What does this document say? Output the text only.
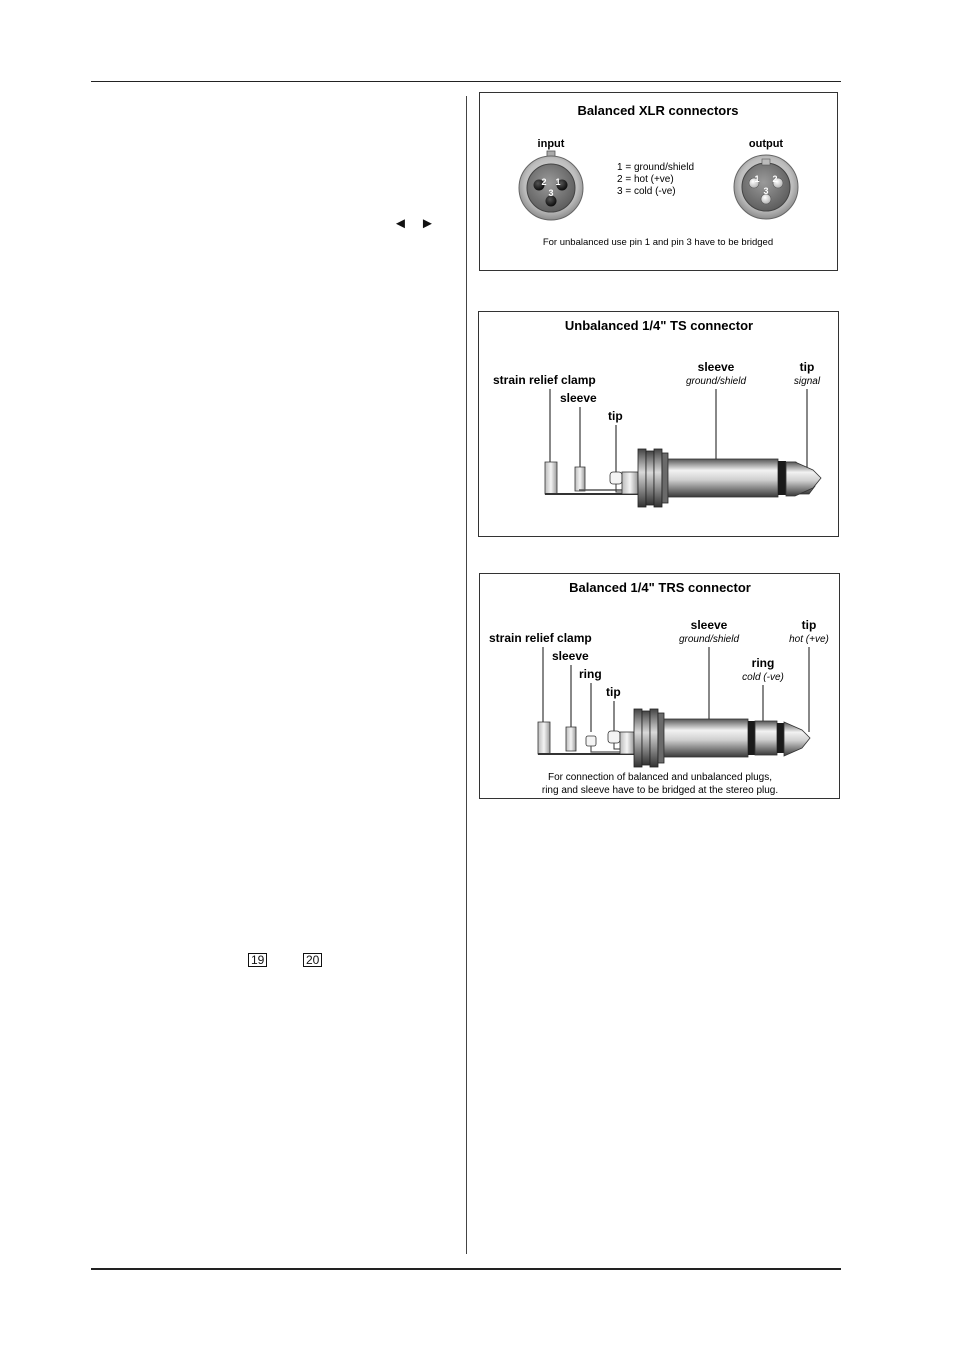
◄ ►
19	20
Balanced XLR connectors
input	output
2 1
3
1 = ground/shield
2 = hot (+ve)
3 = cold (-ve)
1 2
3
For unbalanced use pin 1 and pin 3 have to be bridged
Unbalanced 1/4" TS connector
strain relief clamp
sleeve
tip
sleeve
ground/shield
tip
signal
Balanced 1/4" TRS connector
strain relief clamp
sleeve
ring
tip
sleeve
ground/shield
ring
cold (-ve)
tip
hot (+ve)
For connection of balanced and unbalanced plugs,
ring and sleeve have to be bridged at the stereo plug.
